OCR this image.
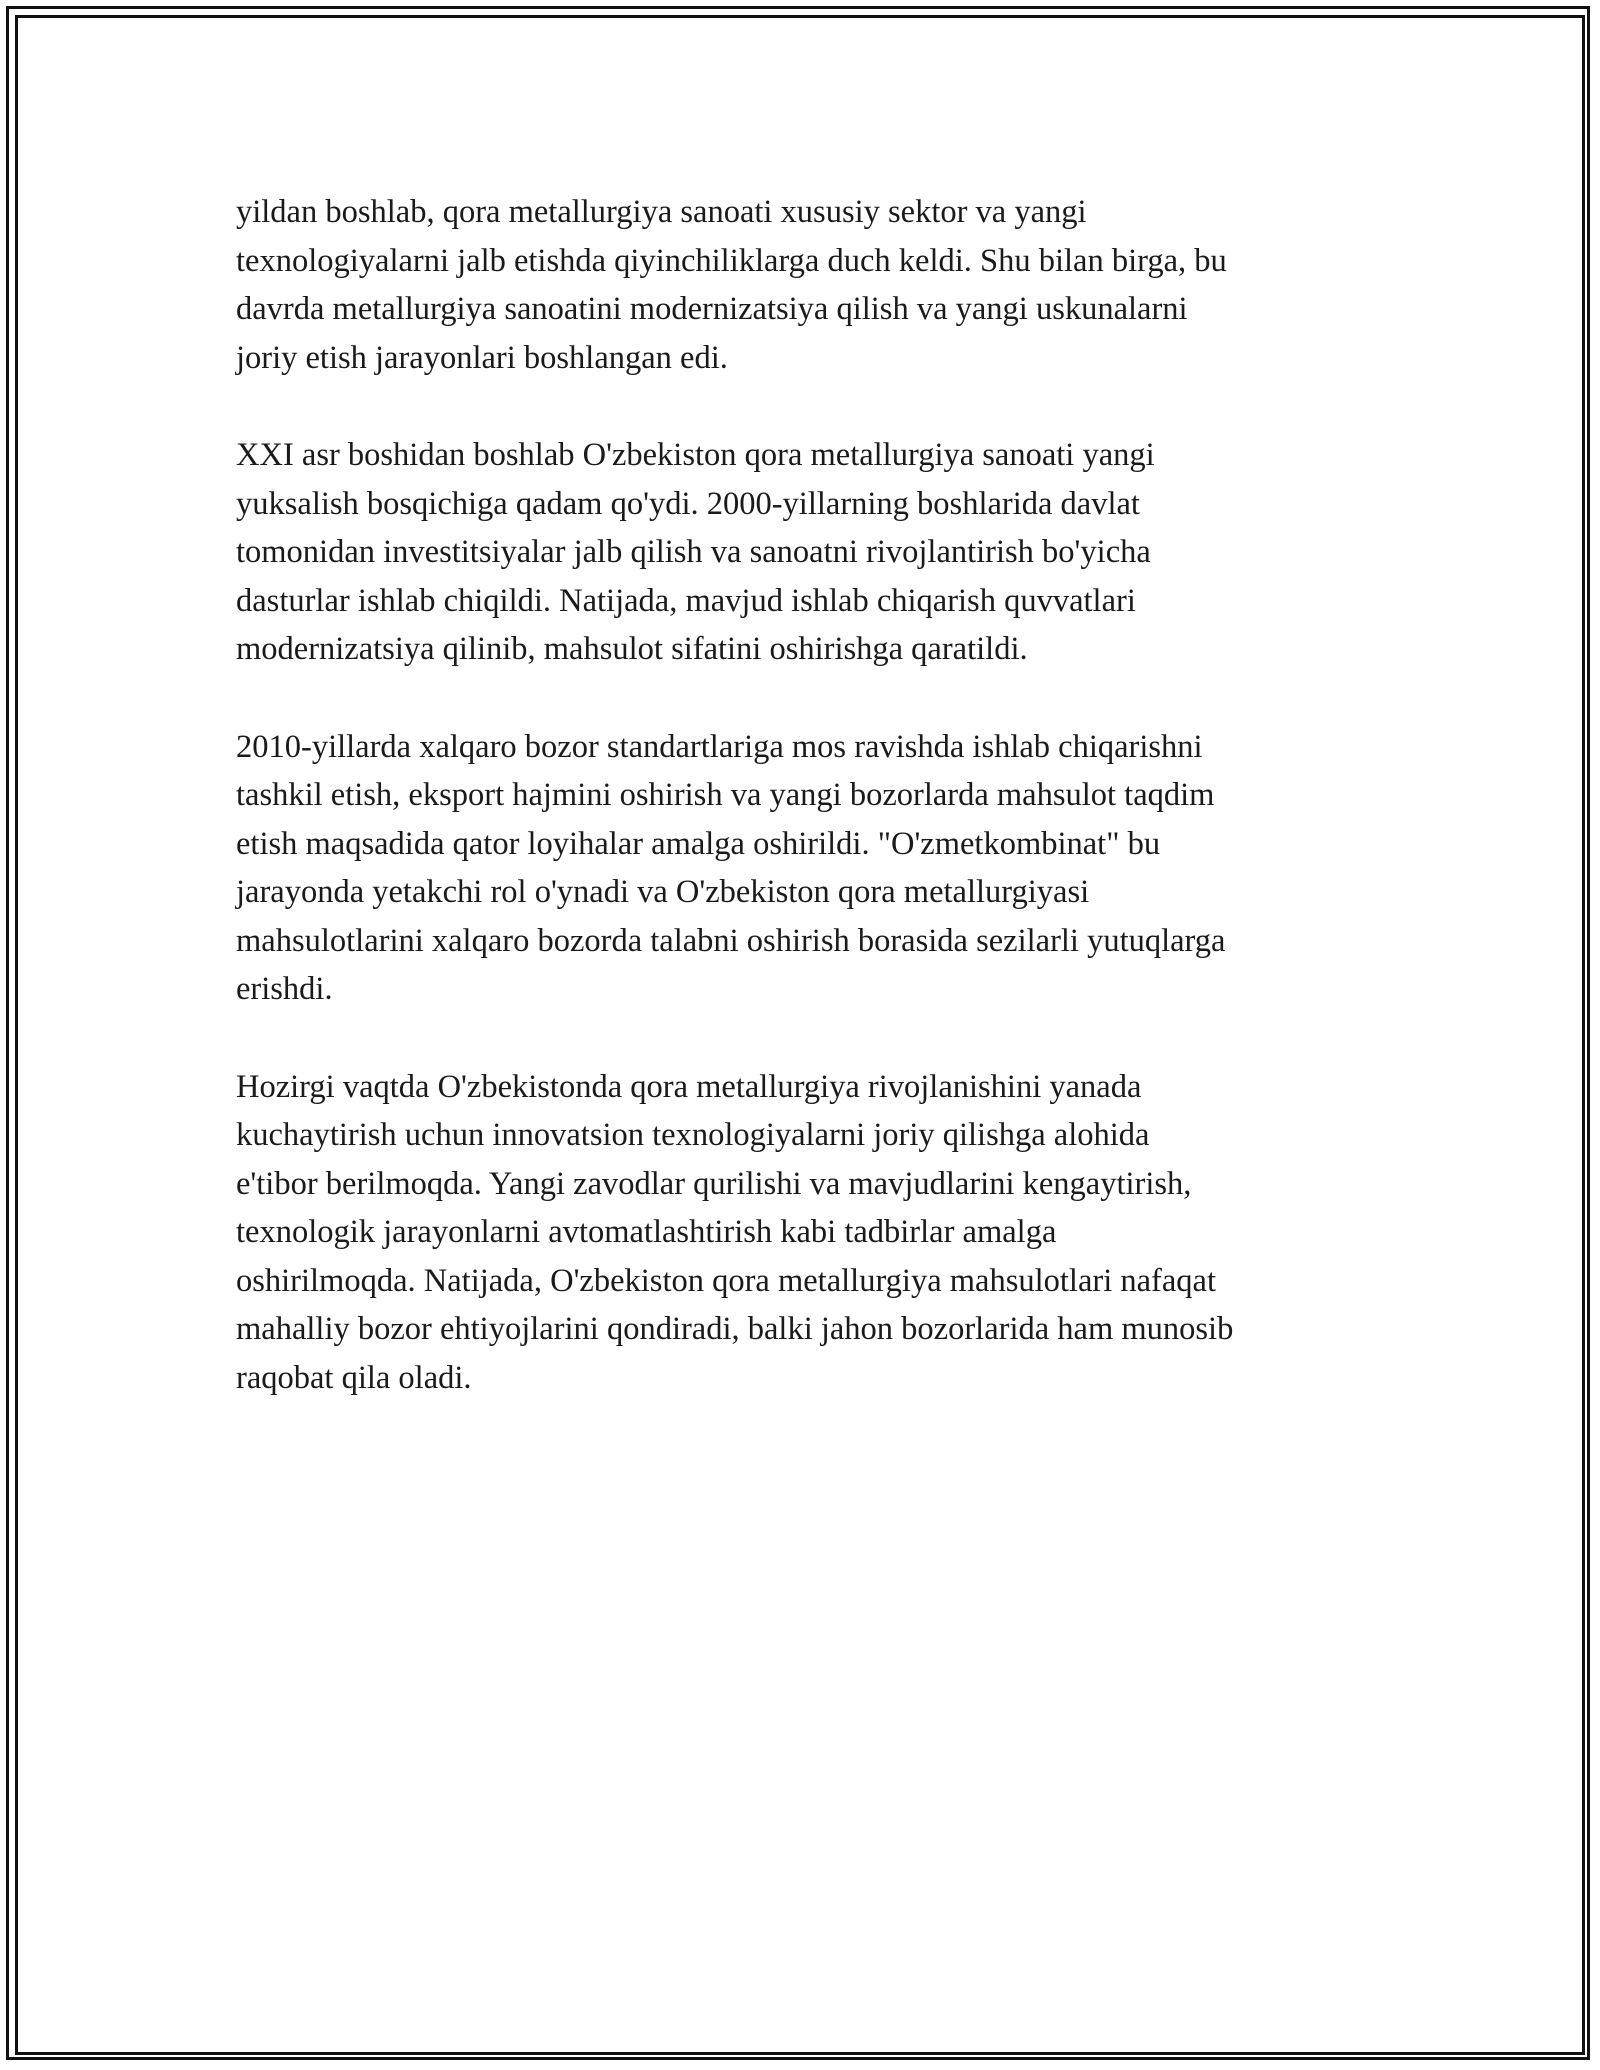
yildan boshlab, qora metallurgiya sanoati xususiy sektor va yangi
texnologiyalarni jalb etishda qiyinchiliklarga duch keldi. Shu bilan birga, bu
davrda metallurgiya sanoatini modernizatsiya qilish va yangi uskunalarni
joriy etish jarayonlari boshlangan edi.

XXI asr boshidan boshlab O'zbekiston qora metallurgiya sanoati yangi
yuksalish bosqichiga qadam qo'ydi. 2000-yillarning boshlarida davlat
tomonidan investitsiyalar jalb qilish va sanoatni rivojlantirish bo'yicha
dasturlar ishlab chiqildi. Natijada, mavjud ishlab chiqarish quvvatlari
modernizatsiya qilinib, mahsulot sifatini oshirishga qaratildi.

2010-yillarda xalqaro bozor standartlariga mos ravishda ishlab chiqarishni
tashkil etish, eksport hajmini oshirish va yangi bozorlarda mahsulot taqdim
etish maqsadida qator loyihalar amalga oshirildi. "O'zmetkombinat" bu
jarayonda yetakchi rol o'ynadi va O'zbekiston qora metallurgiyasi
mahsulotlarini xalqaro bozorda talabni oshirish borasida sezilarli yutuqlarga
erishdi.

Hozirgi vaqtda O'zbekistonda qora metallurgiya rivojlanishini yanada
kuchaytirish uchun innovatsion texnologiyalarni joriy qilishga alohida
e'tibor berilmoqda. Yangi zavodlar qurilishi va mavjudlarini kengaytirish,
texnologik jarayonlarni avtomatlashtirish kabi tadbirlar amalga
oshirilmoqda. Natijada, O'zbekiston qora metallurgiya mahsulotlari nafaqat
mahalliy bozor ehtiyojlarini qondiradi, balki jahon bozorlarida ham munosib
raqobat qila oladi.
